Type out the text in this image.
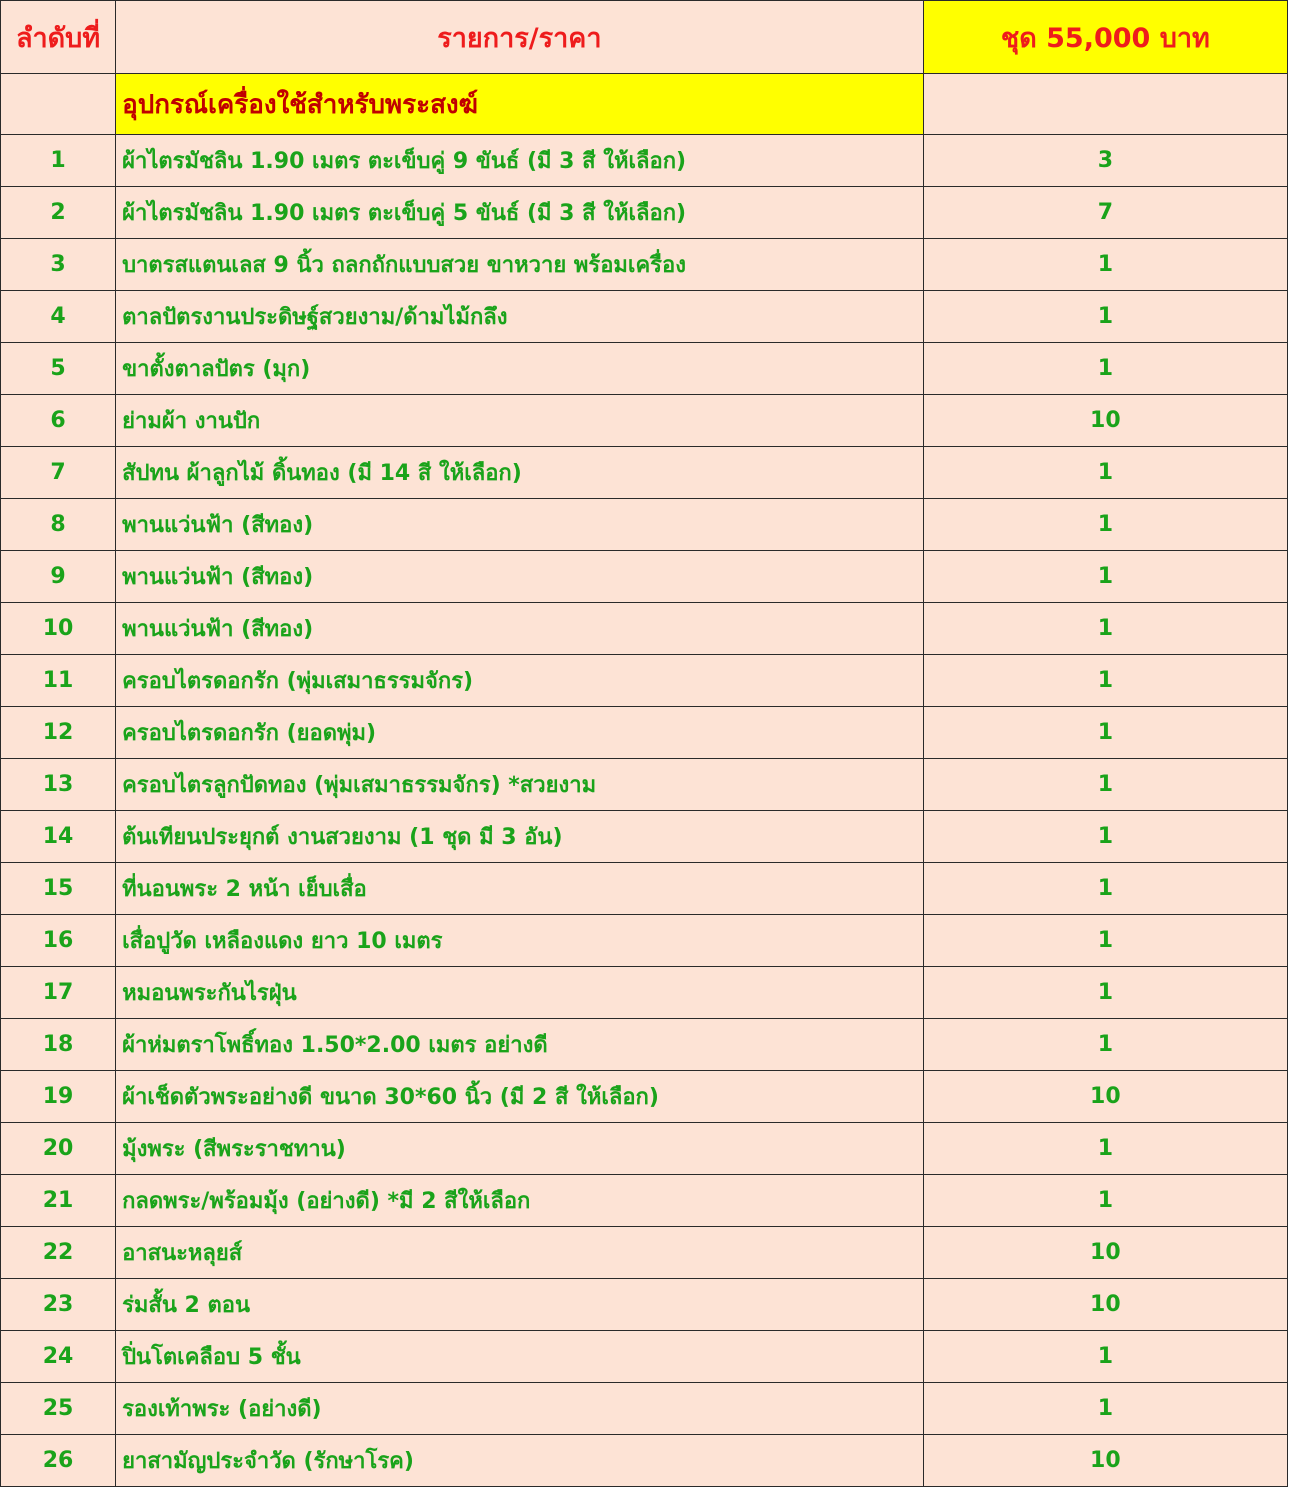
ลำดับที่	รายการ/ราคา	ชุด 55,000 บาท
	อุปกรณ์เครื่องใช้สำหรับพระสงฆ์	
1	ผ้าไตรมัชลิน 1.90 เมตร ตะเข็บคู่ 9 ขันธ์ (มี 3 สี ให้เลือก)	3
2	ผ้าไตรมัชลิน 1.90 เมตร ตะเข็บคู่ 5 ขันธ์ (มี 3 สี ให้เลือก)	7
3	บาตรสแตนเลส 9 นิ้ว ถลกถักแบบสวย ขาหวาย พร้อมเครื่อง	1
4	ตาลปัตรงานประดิษฐ์สวยงาม/ด้ามไม้กลึง	1
5	ขาตั้งตาลปัตร (มุก)	1
6	ย่ามผ้า งานปัก	10
7	สัปทน ผ้าลูกไม้ ดิ้นทอง (มี 14 สี ให้เลือก)	1
8	พานแว่นฟ้า (สีทอง)	1
9	พานแว่นฟ้า (สีทอง)	1
10	พานแว่นฟ้า (สีทอง)	1
11	ครอบไตรดอกรัก (พุ่มเสมาธรรมจักร)	1
12	ครอบไตรดอกรัก (ยอดพุ่ม)	1
13	ครอบไตรลูกปัดทอง (พุ่มเสมาธรรมจักร) *สวยงาม	1
14	ต้นเทียนประยุกต์ งานสวยงาม (1 ชุด มี 3 อัน)	1
15	ที่นอนพระ 2 หน้า เย็บเสื่อ	1
16	เสื่อปูวัด เหลืองแดง ยาว 10 เมตร	1
17	หมอนพระกันไรฝุ่น	1
18	ผ้าห่มตราโพธิ์ทอง 1.50*2.00 เมตร อย่างดี	1
19	ผ้าเช็ดตัวพระอย่างดี ขนาด 30*60 นิ้ว (มี 2 สี ให้เลือก)	10
20	มุ้งพระ (สีพระราชทาน)	1
21	กลดพระ/พร้อมมุ้ง (อย่างดี) *มี 2 สีให้เลือก	1
22	อาสนะหลุยส์	10
23	ร่มสั้น 2 ตอน	10
24	ปิ่นโตเคลือบ 5 ชั้น	1
25	รองเท้าพระ (อย่างดี)	1
26	ยาสามัญประจำวัด (รักษาโรค)	10
